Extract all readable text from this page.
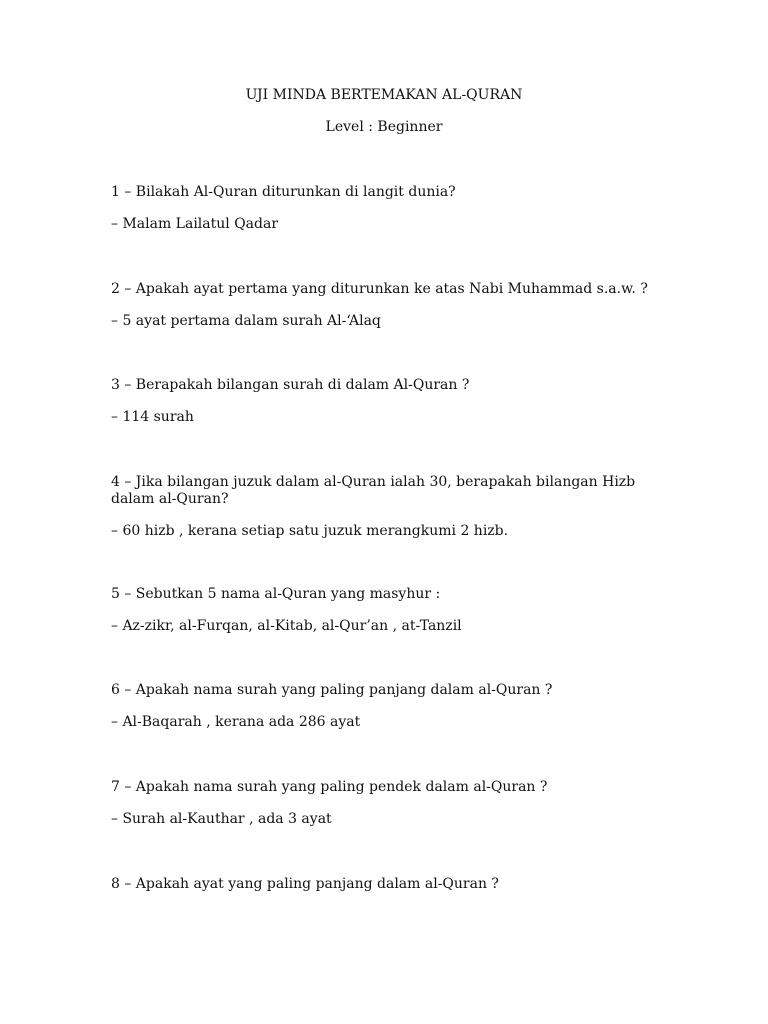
UJI MINDA BERTEMAKAN AL-QURAN
Level : Beginner

1 – Bilakah Al-Quran diturunkan di langit dunia?

– Malam Lailatul Qadar

2 – Apakah ayat pertama yang diturunkan ke atas Nabi Muhammad s.a.w. ?

– 5 ayat pertama dalam surah Al-‘Alaq

3 – Berapakah bilangan surah di dalam Al-Quran ?

– 114 surah

4 – Jika bilangan juzuk dalam al-Quran ialah 30, berapakah bilangan Hizb dalam al-Quran?

– 60 hizb , kerana setiap satu juzuk merangkumi 2 hizb.

5 – Sebutkan 5 nama al-Quran yang masyhur :

– Az-zikr, al-Furqan, al-Kitab, al-Qur’an , at-Tanzil

6 – Apakah nama surah yang paling panjang dalam al-Quran ?

– Al-Baqarah , kerana ada 286 ayat

7 – Apakah nama surah yang paling pendek dalam al-Quran ?

– Surah al-Kauthar , ada 3 ayat

8 – Apakah ayat yang paling panjang dalam al-Quran ?
